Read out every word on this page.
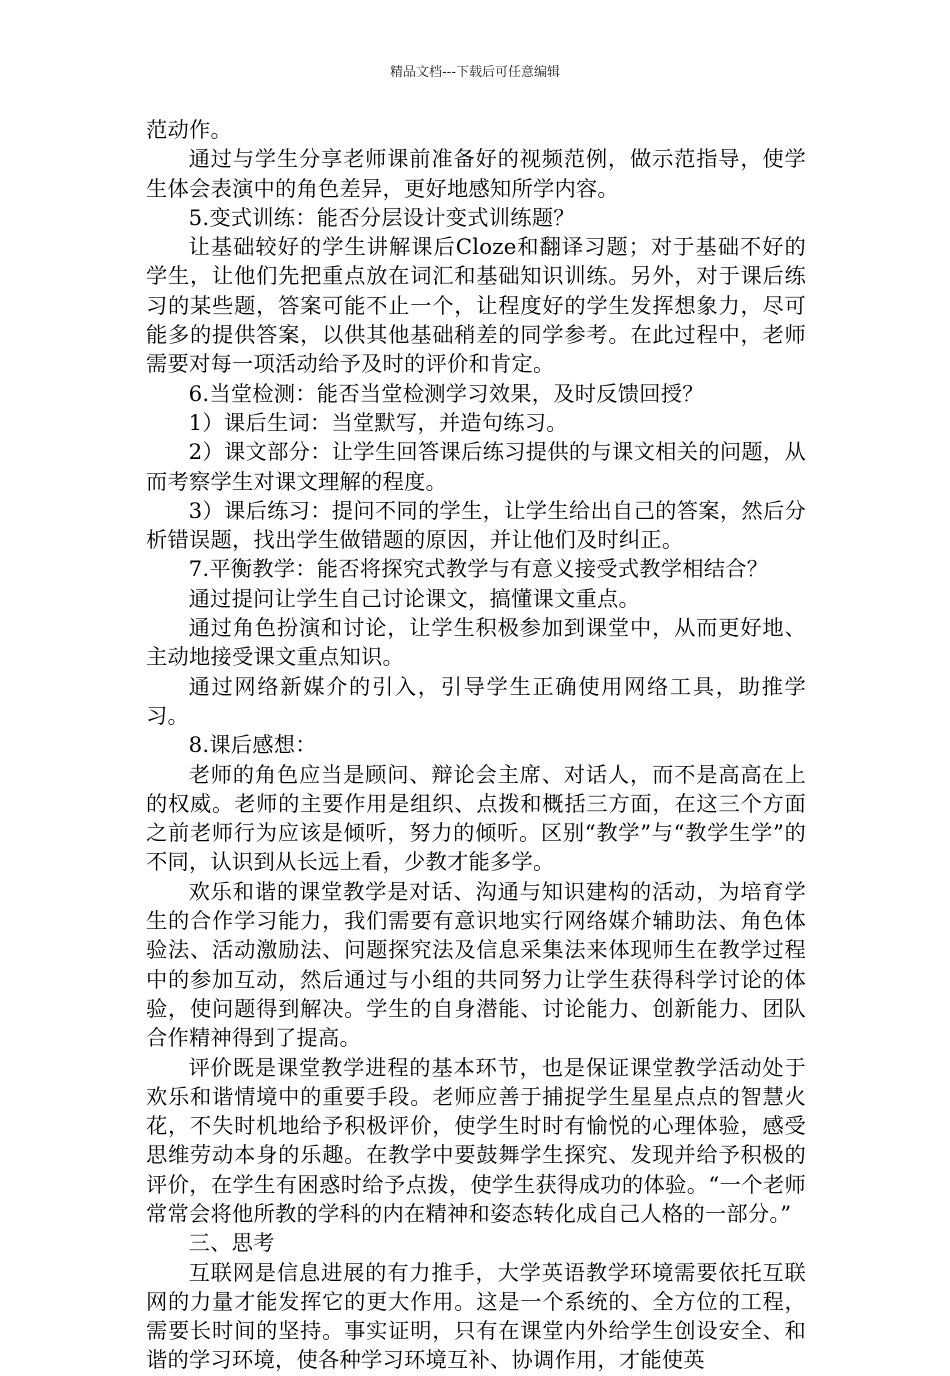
精品文档---下载后可任意编辑

范动作。

通过与学生分享老师课前准备好的视频范例，做示范指导，使学生体会表演中的角色差异，更好地感知所学内容。

5.变式训练：能否分层设计变式训练题？

让基础较好的学生讲解课后Cloze和翻译习题；对于基础不好的学生，让他们先把重点放在词汇和基础知识训练。另外，对于课后练习的某些题，答案可能不止一个，让程度好的学生发挥想象力，尽可能多的提供答案，以供其他基础稍差的同学参考。在此过程中，老师需要对每一项活动给予及时的评价和肯定。

6.当堂检测：能否当堂检测学习效果，及时反馈回授？

1）课后生词：当堂默写，并造句练习。

2）课文部分：让学生回答课后练习提供的与课文相关的问题，从而考察学生对课文理解的程度。

3）课后练习：提问不同的学生，让学生给出自己的答案，然后分析错误题，找出学生做错题的原因，并让他们及时纠正。

7.平衡教学：能否将探究式教学与有意义接受式教学相结合？

通过提问让学生自己讨论课文，搞懂课文重点。

通过角色扮演和讨论，让学生积极参加到课堂中，从而更好地、主动地接受课文重点知识。

通过网络新媒介的引入，引导学生正确使用网络工具，助推学习。

8.课后感想：

老师的角色应当是顾问、辩论会主席、对话人，而不是高高在上的权威。老师的主要作用是组织、点拨和概括三方面，在这三个方面之前老师行为应该是倾听，努力的倾听。区别“教学”与“教学生学”的不同，认识到从长远上看，少教才能多学。

欢乐和谐的课堂教学是对话、沟通与知识建构的活动，为培育学生的合作学习能力，我们需要有意识地实行网络媒介辅助法、角色体验法、活动激励法、问题探究法及信息采集法来体现师生在教学过程中的参加互动，然后通过与小组的共同努力让学生获得科学讨论的体验，使问题得到解决。学生的自身潜能、讨论能力、创新能力、团队合作精神得到了提高。

评价既是课堂教学进程的基本环节，也是保证课堂教学活动处于欢乐和谐情境中的重要手段。老师应善于捕捉学生星星点点的智慧火花，不失时机地给予积极评价，使学生时时有愉悦的心理体验，感受思维劳动本身的乐趣。在教学中要鼓舞学生探究、发现并给予积极的评价，在学生有困惑时给予点拨，使学生获得成功的体验。“一个老师常常会将他所教的学科的内在精神和姿态转化成自己人格的一部分。”

三、思考

互联网是信息进展的有力推手，大学英语教学环境需要依托互联网的力量才能发挥它的更大作用。这是一个系统的、全方位的工程，需要长时间的坚持。事实证明，只有在课堂内外给学生创设安全、和谐的学习环境，使各种学习环境互补、协调作用，才能使英
